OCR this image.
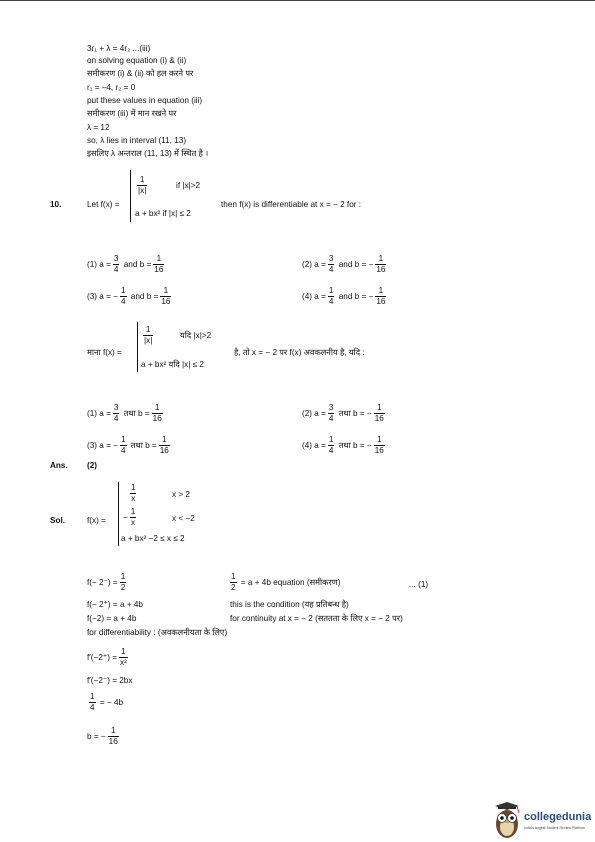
3r₁ + λ = 4r₂ ...(iii)
on solving equation (i) & (ii)
समीकरण (i) & (ii) को हल करने पर
r₁ = –4, r₂ = 0
put these values in equation (iii)
समीकरण (iii) में मान रखने पर
λ = 12
so, λ lies in interval (11, 13)
इसलिए λ अन्तराल (11, 13) में स्थित है ।
10.	Let f(x) =
$\frac{1}{|x|}$	if |x|>2
a + bx² if |x| ≤ 2
then f(x) is differentiable at x = − 2 for :
(1) $a = \frac{3}{4}$ and $b = \frac{1}{16}$	(2) $a = \frac{3}{4}$ and b = − $\frac{1}{16}$
(3) a = − $\frac{1}{4}$ and $b = \frac{1}{16}$	(4) $a = \frac{1}{4}$ and b = − $\frac{1}{16}$
माना f(x) =
$\frac{1}{|x|}$	यदि |x|>2
a + bx² यदि |x| ≤ 2
है, तो x = − 2 पर f(x) अवकलनीय है, यदि :
(1) $a = \frac{3}{4}$ तथा $b = \frac{1}{16}$	(2) $a = \frac{3}{4}$ तथा b = − $\frac{1}{16}$
(3) a = − $\frac{1}{4}$ तथा $b = \frac{1}{16}$	(4) $a = \frac{1}{4}$ तथा b = − $\frac{1}{16}$
Ans. (2)
Sol.	f(x) =
$\frac{1}{x}$	x > 2
− $\frac{1}{x}$	x < −2
a + bx² −2 ≤ x ≤ 2
$f(- 2^-) = \frac{1}{2}$	$\frac{1}{2} = a + 4b$ equation (समीकरण)	... (1)
f(− 2⁺) = a + 4b	this is the condition (यह प्रतिबन्ध है)
f(−2) = a + 4b	for continuity at x = − 2 (सततता के लिए x = − 2 पर)
for differentiability : (अवकलनीयता के लिए)
$f'(-2^+) = \frac{1}{\text{x²}}$
f′(−2⁻) = 2bx
$\frac{1}{4}$ = − 4b
b = − $\frac{1}{16}$
collegedunia
India's largest Student Review Platform
